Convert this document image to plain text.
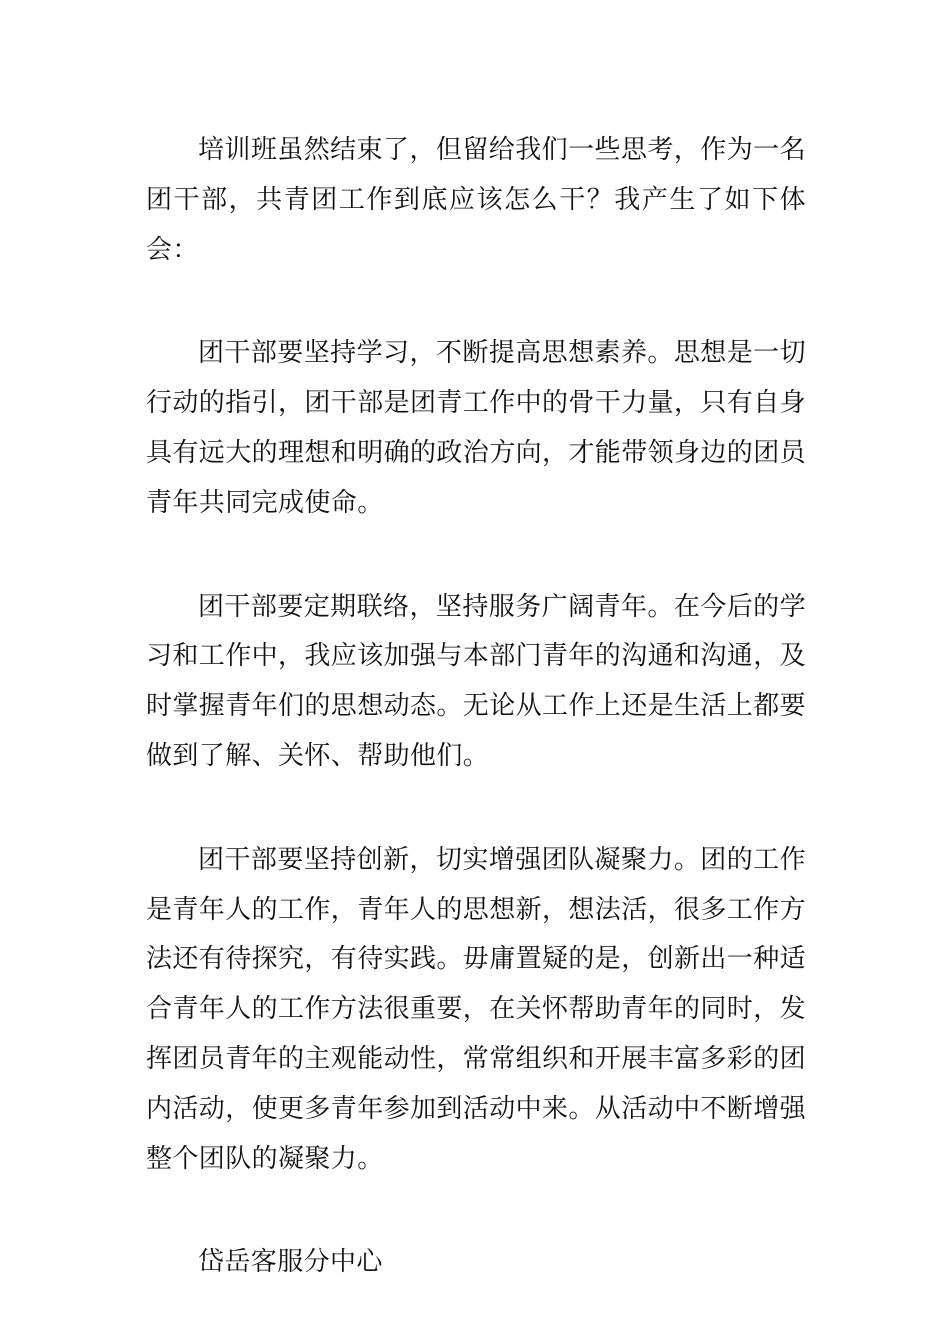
培训班虽然结束了，但留给我们一些思考，作为一名团干部，共青团工作到底应该怎么干？我产生了如下体会：

团干部要坚持学习，不断提高思想素养。思想是一切行动的指引，团干部是团青工作中的骨干力量，只有自身具有远大的理想和明确的政治方向，才能带领身边的团员青年共同完成使命。

团干部要定期联络，坚持服务广阔青年。在今后的学习和工作中，我应该加强与本部门青年的沟通和沟通，及时掌握青年们的思想动态。无论从工作上还是生活上都要做到了解、关怀、帮助他们。

团干部要坚持创新，切实增强团队凝聚力。团的工作是青年人的工作，青年人的思想新，想法活，很多工作方法还有待探究，有待实践。毋庸置疑的是，创新出一种适合青年人的工作方法很重要，在关怀帮助青年的同时，发挥团员青年的主观能动性，常常组织和开展丰富多彩的团内活动，使更多青年参加到活动中来。从活动中不断增强整个团队的凝聚力。

岱岳客服分中心
